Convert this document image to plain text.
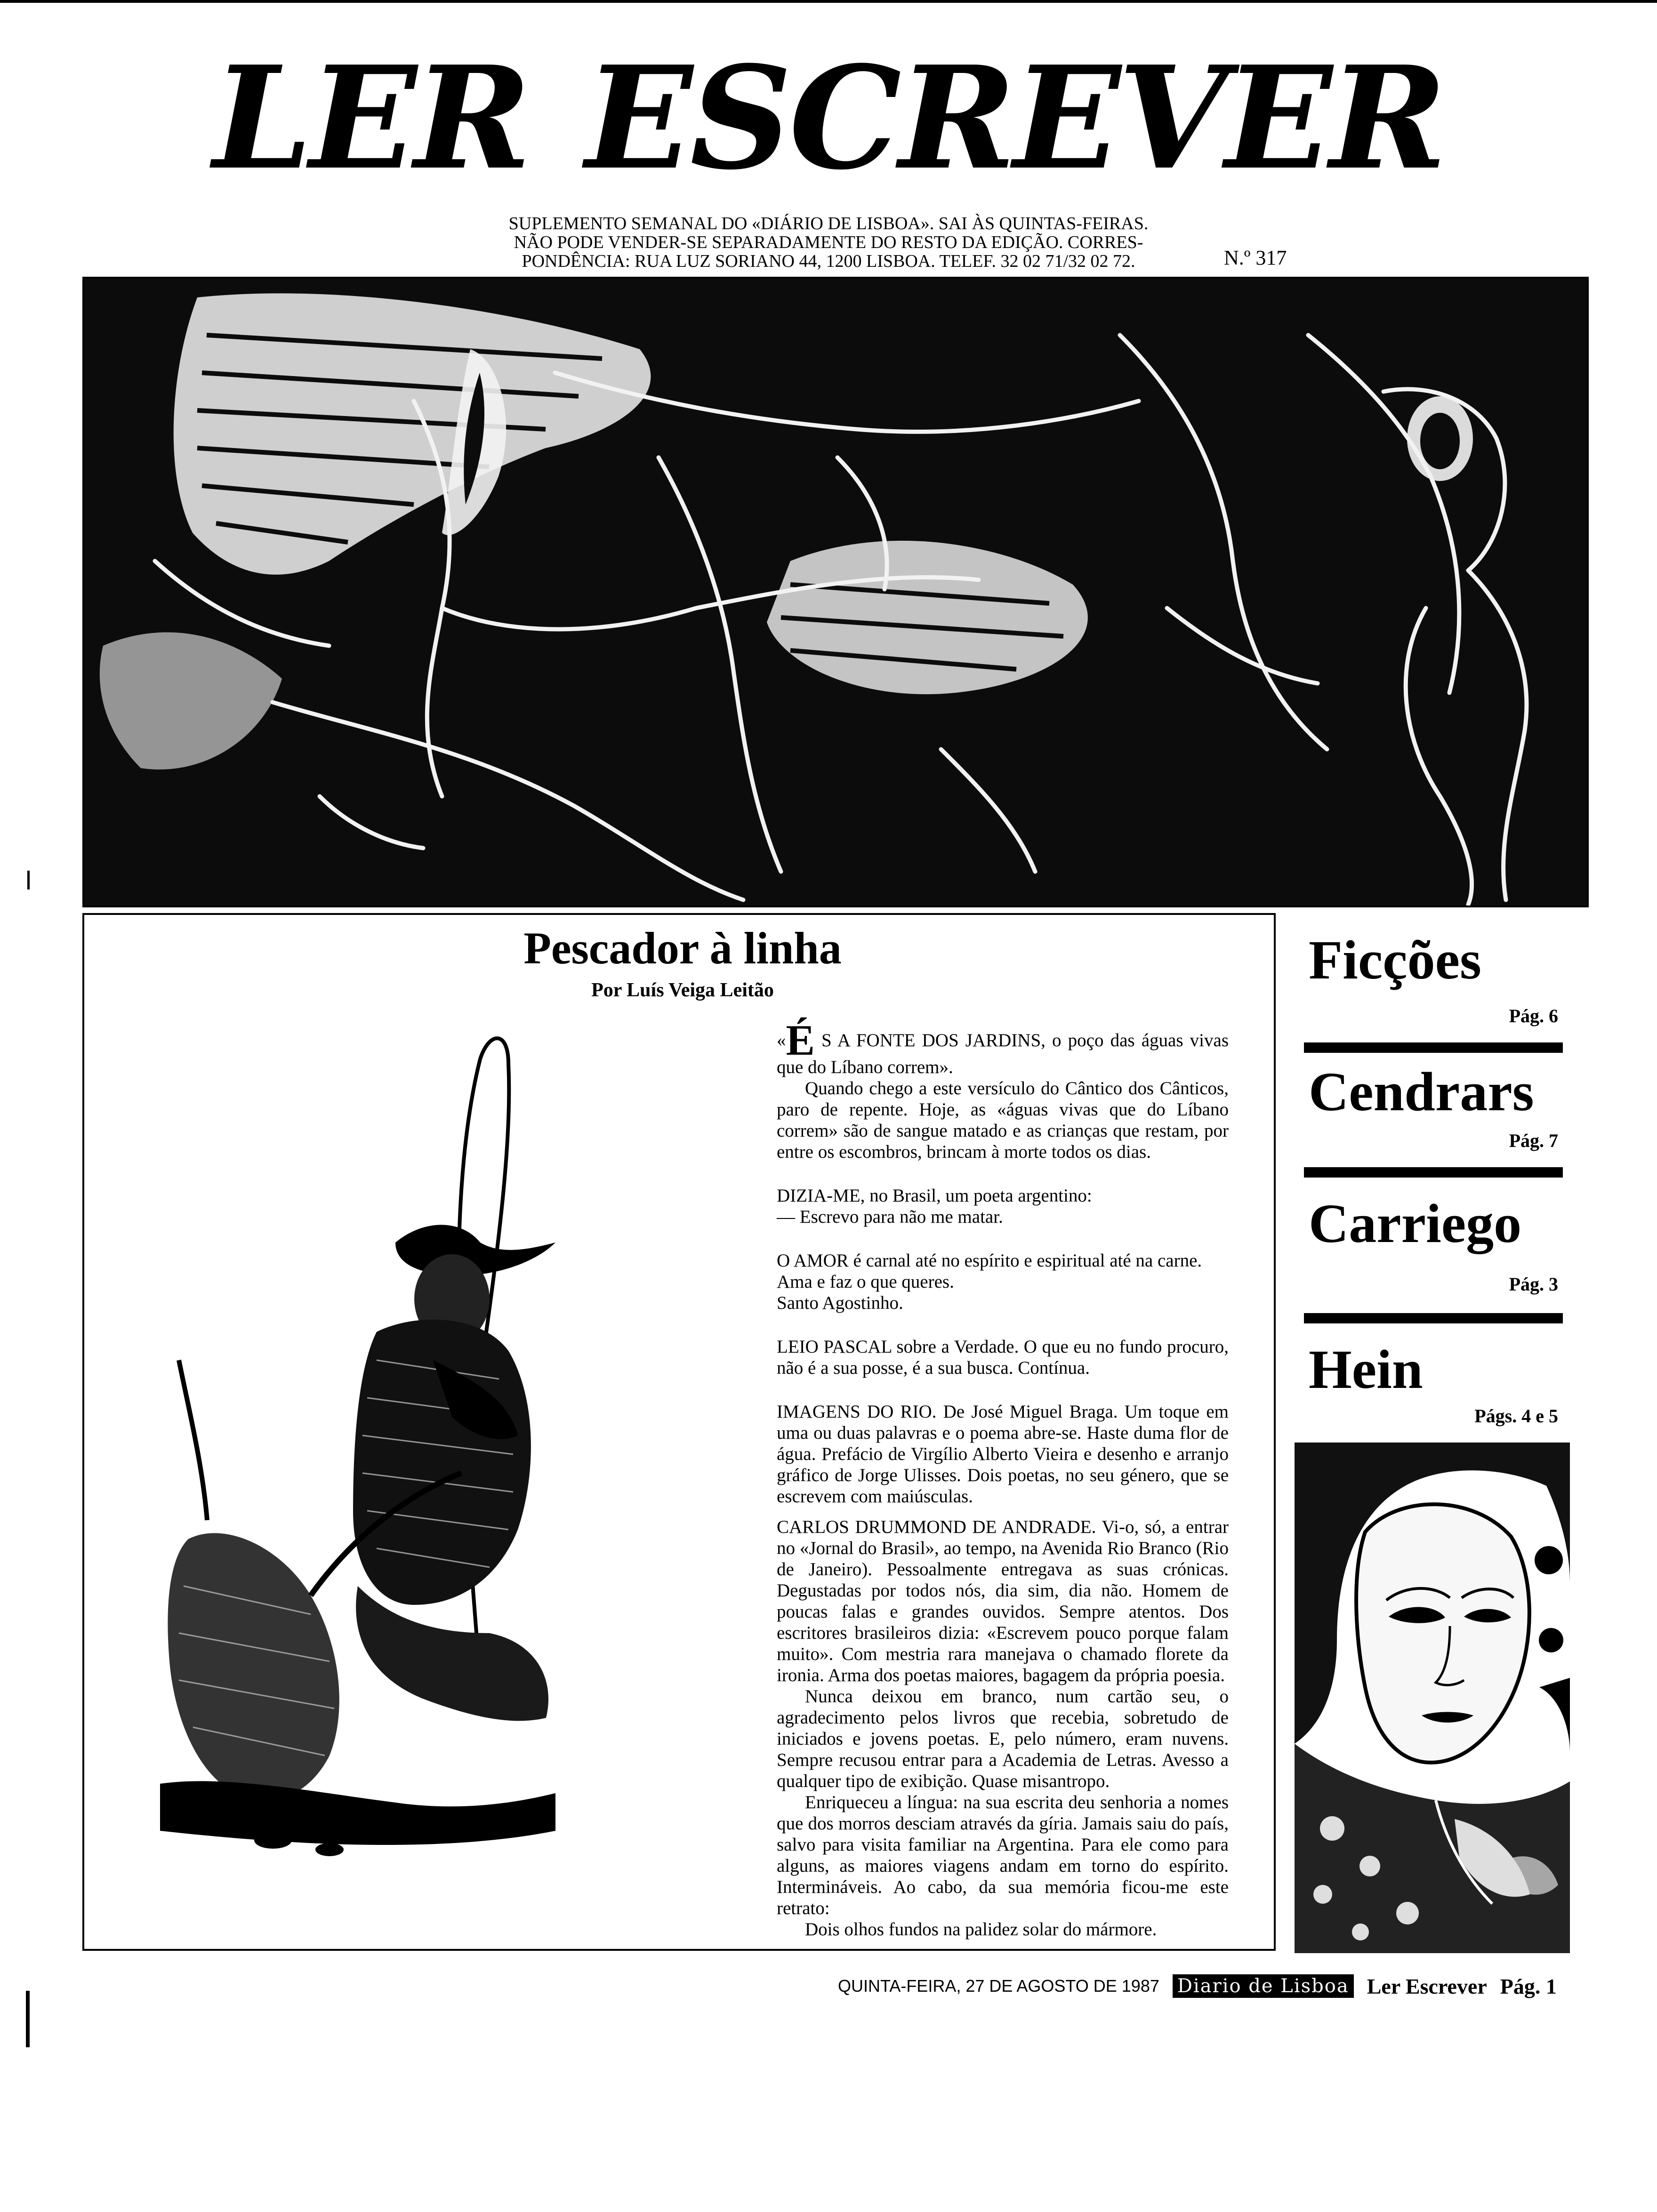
LER ESCREVER
SUPLEMENTO SEMANAL DO «DIÁRIO DE LISBOA». SAI ÀS QUINTAS-FEIRAS.
NÃO PODE VENDER-SE SEPARADAMENTE DO RESTO DA EDIÇÃO. CORRES-
PONDÊNCIA: RUA LUZ SORIANO 44, 1200 LISBOA. TELEF. 32 02 71/32 02 72.	N.º 317
Pescador à linha
Por Luís Veiga Leitão

«É S A FONTE DOS JARDINS, o poço das águas vivas que do Líbano correm».

Quando chego a este versículo do Cântico dos Cânticos, paro de repente. Hoje, as «águas vivas que do Líbano correm» são de sangue matado e as crianças que restam, por entre os escombros, brincam à morte todos os dias.

DIZIA-ME, no Brasil, um poeta argentino:

— Escrevo para não me matar.

O AMOR é carnal até no espírito e espiritual até na carne.

Ama e faz o que queres.

Santo Agostinho.

LEIO PASCAL sobre a Verdade. O que eu no fundo procuro, não é a sua posse, é a sua busca. Contínua.

IMAGENS DO RIO. De José Miguel Braga. Um toque em uma ou duas palavras e o poema abre-se. Haste duma flor de água. Prefácio de Virgílio Alberto Vieira e desenho e arranjo gráfico de Jorge Ulisses. Dois poetas, no seu género, que se escrevem com maiúsculas.

CARLOS DRUMMOND DE ANDRADE. Vi-o, só, a entrar no «Jornal do Brasil», ao tempo, na Avenida Rio Branco (Rio de Janeiro). Pessoalmente entregava as suas crónicas. Degustadas por todos nós, dia sim, dia não. Homem de poucas falas e grandes ouvidos. Sempre atentos. Dos escritores brasileiros dizia: «Escrevem pouco porque falam muito». Com mestria rara manejava o chamado florete da ironia. Arma dos poetas maiores, bagagem da própria poesia.

Nunca deixou em branco, num cartão seu, o agradecimento pelos livros que recebia, sobretudo de iniciados e jovens poetas. E, pelo número, eram nuvens. Sempre recusou entrar para a Academia de Letras. Avesso a qualquer tipo de exibição. Quase misantropo.

Enriqueceu a língua: na sua escrita deu senhoria a nomes que dos morros desciam através da gíria. Jamais saiu do país, salvo para visita familiar na Argentina. Para ele como para alguns, as maiores viagens andam em torno do espírito. Intermináveis. Ao cabo, da sua memória ficou-me este retrato:

Dois olhos fundos na palidez solar do mármore.

Ficções
Pág. 6
Cendrars
Pág. 7
Carriego
Pág. 3
Hein
Págs. 4 e 5
QUINTA-FEIRA, 27 DE AGOSTO DE 1987 Diario de Lisboa Ler Escrever Pág. 1
